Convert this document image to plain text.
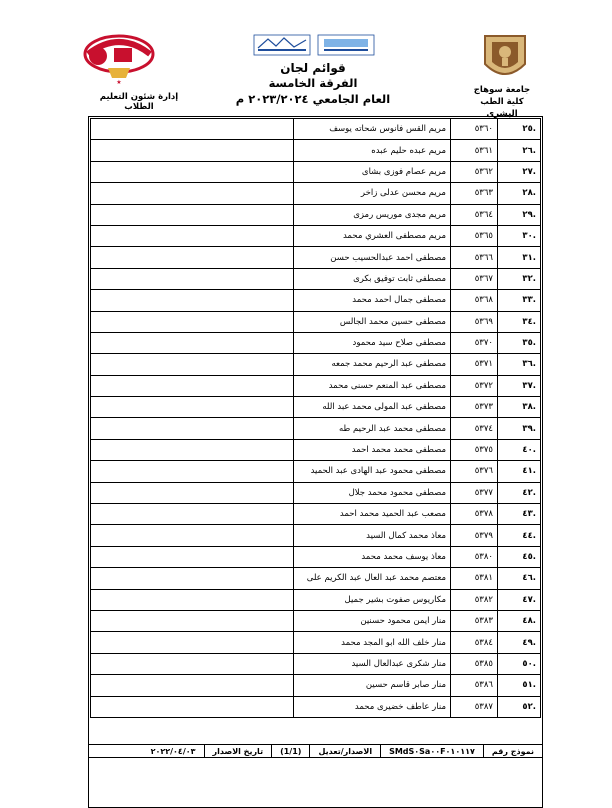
★
قوائم لجان
الفرقة الخامسة
العام الجامعي ٢٠٢٣/٢٠٢٤ م
إدارة شئون التعليم الطلاب
جامعة سوهاج
كلية الطب البشرى
.٢٥	٥٣٦٠	مريم القس فانوس شحاته يوسف	
.٢٦	٥٣٦١	مريم عبده حليم عبده	
.٢٧	٥٣٦٢	مريم عصام فوزى بشاى	
.٢٨	٥٣٦٣	مريم محسن عدلى زاخر	
.٢٩	٥٣٦٤	مريم مجدى موريس رمزى	
.٣٠	٥٣٦٥	مريم مصطفى العشري محمد	
.٣١	٥٣٦٦	مصطفى احمد عبدالحسيب حسن	
.٣٢	٥٣٦٧	مصطفى ثابت توفيق بكرى	
.٣٣	٥٣٦٨	مصطفى جمال احمد محمد	
.٣٤	٥٣٦٩	مصطفى حسين محمد الجالس	
.٣٥	٥٣٧٠	مصطفى صلاح سيد محمود	
.٣٦	٥٣٧١	مصطفى عبد الرحيم محمد جمعه	
.٣٧	٥٣٧٢	مصطفى عبد المنعم حسنى محمد	
.٣٨	٥٣٧٣	مصطفى عبد المولى محمد عبد الله	
.٣٩	٥٣٧٤	مصطفى محمد عبد الرحيم طه	
.٤٠	٥٣٧٥	مصطفى محمد محمد احمد	
.٤١	٥٣٧٦	مصطفى محمود عبد الهادى عبد الحميد	
.٤٢	٥٣٧٧	مصطفى محمود محمد جلال	
.٤٣	٥٣٧٨	مصعب عبد الحميد محمد احمد	
.٤٤	٥٣٧٩	معاذ محمد كمال السيد	
.٤٥	٥٣٨٠	معاذ يوسف محمد محمد	
.٤٦	٥٣٨١	معتصم محمد عبد العال عبد الكريم على	
.٤٧	٥٣٨٢	مكاريوس صفوت بشير جميل	
.٤٨	٥٣٨٣	منار ايمن محمود حسنين	
.٤٩	٥٣٨٤	منار خلف الله ابو المجد محمد	
.٥٠	٥٣٨٥	منار شكرى عبدالعال السيد	
.٥١	٥٣٨٦	منار صابر قاسم حسين	
.٥٢	٥٣٨٧	منار عاطف خضيرى محمد	
نموذج رقم
SMdS٠Sa٠٠F٠١٠١١٧
الاصدار/تعديل
(1/1)
تاريخ الاصدار
٢٠٢٢/٠٤/٠٣
